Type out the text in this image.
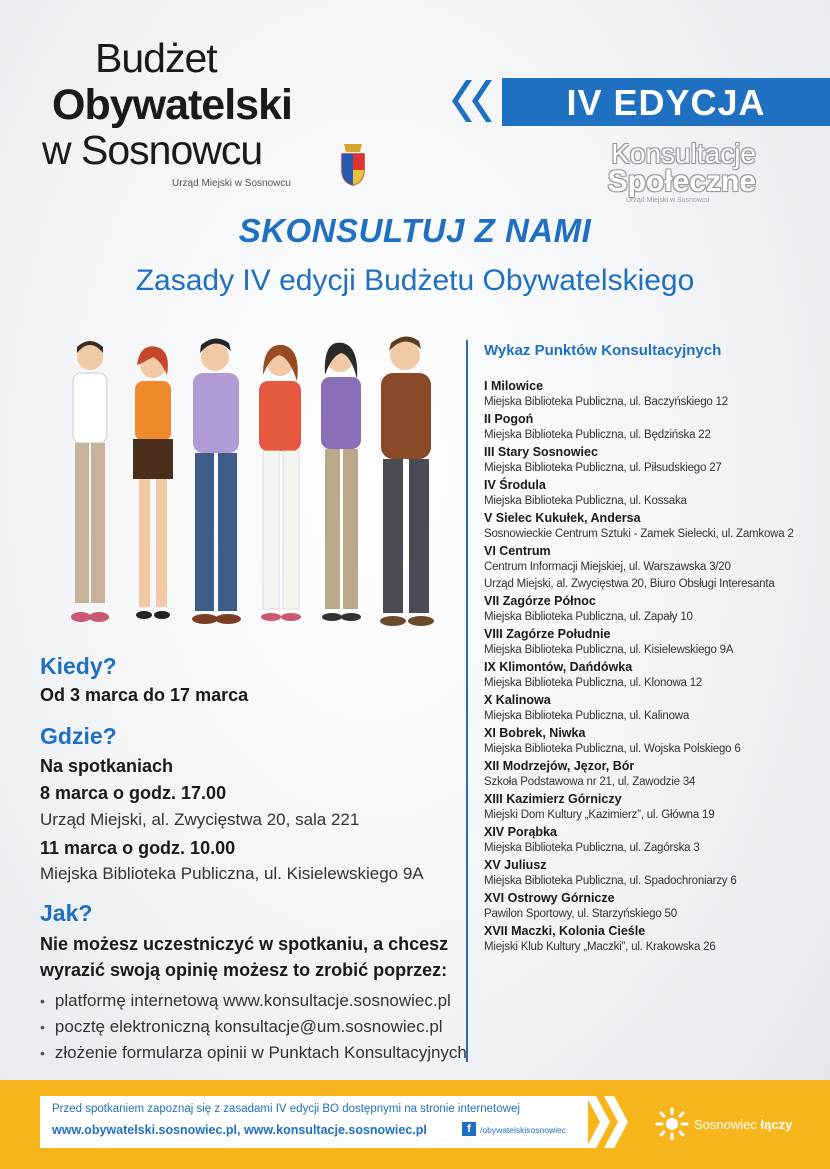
Budżet
Obywatelski
w Sosnowcu
Urząd Miejski w Sosnowcu
IV EDYCJA
Konsultacje
Społeczne
Urząd Miejski w Sosnowcu
SKONSULTUJ Z NAMI
Zasady IV edycji Budżetu Obywatelskiego
Wykaz Punktów Konsultacyjnych
I Milowice
Miejska Biblioteka Publiczna, ul. Baczyńskiego 12
II Pogoń
Miejska Biblioteka Publiczna, ul. Będzińska 22
III Stary Sosnowiec
Miejska Biblioteka Publiczna, ul. Piłsudskiego 27
IV Środula
Miejska Biblioteka Publiczna, ul. Kossaka
V Sielec Kukułek, Andersa
Sosnowieckie Centrum Sztuki - Zamek Sielecki, ul. Zamkowa 2
VI Centrum
Centrum Informacji Miejskiej, ul. Warszawska 3/20
Urząd Miejski, al. Zwycięstwa 20, Biuro Obsługi Interesanta
VII Zagórze Północ
Miejska Biblioteka Publiczna, ul. Zapały 10
VIII Zagórze Południe
Miejska Biblioteka Publiczna, ul. Kisielewskiego 9A
IX Klimontów, Dańdówka
Miejska Biblioteka Publiczna, ul. Klonowa 12
X Kalinowa
Miejska Biblioteka Publiczna, ul. Kalinowa
XI Bobrek, Niwka
Miejska Biblioteka Publiczna, ul. Wojska Polskiego 6
XII Modrzejów, Jęzor, Bór
Szkoła Podstawowa nr 21, ul. Zawodzie 34
XIII Kazimierz Górniczy
Miejski Dom Kultury „Kazimierz”, ul. Główna 19
XIV Porąbka
Miejska Biblioteka Publiczna, ul. Zagórska 3
XV Juliusz
Miejska Biblioteka Publiczna, ul. Spadochroniarzy 6
XVI Ostrowy Górnicze
Pawilon Sportowy, ul. Starzyńskiego 50
XVII Maczki, Kolonia Cieśle
Miejski Klub Kultury „Maczki”, ul. Krakowska 26
Kiedy?
Od 3 marca do 17 marca
Gdzie?
Na spotkaniach
8 marca o godz. 17.00
Urząd Miejski, al. Zwycięstwa 20, sala 221
11 marca o godz. 10.00
Miejska Biblioteka Publiczna, ul. Kisielewskiego 9A
Jak?
Nie możesz uczestniczyć w spotkaniu, a chcesz
wyrazić swoją opinię możesz to zrobić poprzez:
• platformę internetową www.konsultacje.sosnowiec.pl
• pocztę elektroniczną konsultacje@um.sosnowiec.pl
• złożenie formularza opinii w Punktach Konsultacyjnych
Przed spotkaniem zapoznaj się z zasadami IV edycji BO dostępnymi na stronie internetowej
www.obywatelski.sosnowiec.pl, www.konsultacje.sosnowiec.pl	f	/obywatelskisosnowiec	Sosnowiec łączy
